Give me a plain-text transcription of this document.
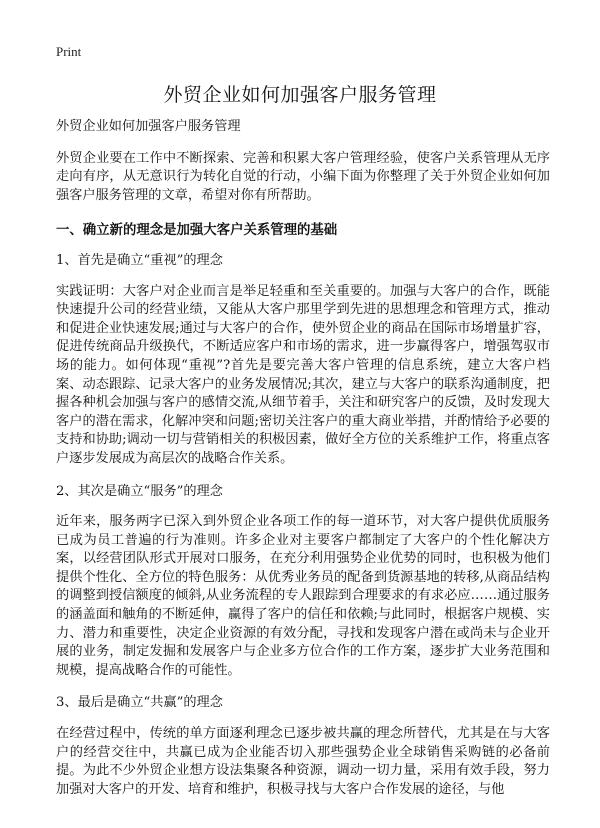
Print
外贸企业如何加强客户服务管理

外贸企业如何加强客户服务管理

外贸企业要在工作中不断探索、完善和积累大客户管理经验，使客户关系管理从无序走向有序，从无意识行为转化自觉的行动，小编下面为你整理了关于外贸企业如何加强客户服务管理的文章，希望对你有所帮助。

一、确立新的理念是加强大客户关系管理的基础

1、首先是确立“重视”的理念

实践证明：大客户对企业而言是举足轻重和至关重要的。加强与大客户的合作，既能快速提升公司的经营业绩，又能从大客户那里学到先进的思想理念和管理方式，推动和促进企业快速发展;通过与大客户的合作，使外贸企业的商品在国际市场增量扩容，促进传统商品升级换代，不断适应客户和市场的需求，进一步赢得客户，增强驾驭市场的能力。如何体现“重视”?首先是要完善大客户管理的信息系统，建立大客户档案、动态跟踪、记录大客户的业务发展情况;其次，建立与大客户的联系沟通制度，把握各种机会加强与客户的感情交流,从细节着手，关注和研究客户的反馈，及时发现大客户的潜在需求，化解冲突和问题;密切关注客户的重大商业举措，并酌情给予必要的支持和协助;调动一切与营销相关的积极因素，做好全方位的关系维护工作，将重点客户逐步发展成为高层次的战略合作关系。

2、其次是确立“服务”的理念

近年来，服务两字已深入到外贸企业各项工作的每一道环节，对大客户提供优质服务已成为员工普遍的行为准则。许多企业对主要客户都制定了大客户的个性化解决方案，以经营团队形式开展对口服务，在充分利用强势企业优势的同时，也积极为他们提供个性化、全方位的特色服务：从优秀业务员的配备到货源基地的转移,从商品结构的调整到授信额度的倾斜,从业务流程的专人跟踪到合理要求的有求必应……通过服务的涵盖面和触角的不断延伸，赢得了客户的信任和依赖;与此同时，根据客户规模、实力、潜力和重要性，决定企业资源的有效分配，寻找和发现客户潜在或尚未与企业开展的业务，制定发掘和发展客户与企业多方位合作的工作方案，逐步扩大业务范围和规模，提高战略合作的可能性。

3、最后是确立“共赢”的理念

在经营过程中，传统的单方面逐利理念已逐步被共赢的理念所替代，尤其是在与大客户的经营交往中，共赢已成为企业能否切入那些强势企业全球销售采购链的必备前提。为此不少外贸企业想方设法集聚各种资源，调动一切力量，采用有效手段，努力加强对大客户的开发、培育和维护，积极寻找与大客户合作发展的途径，与他
